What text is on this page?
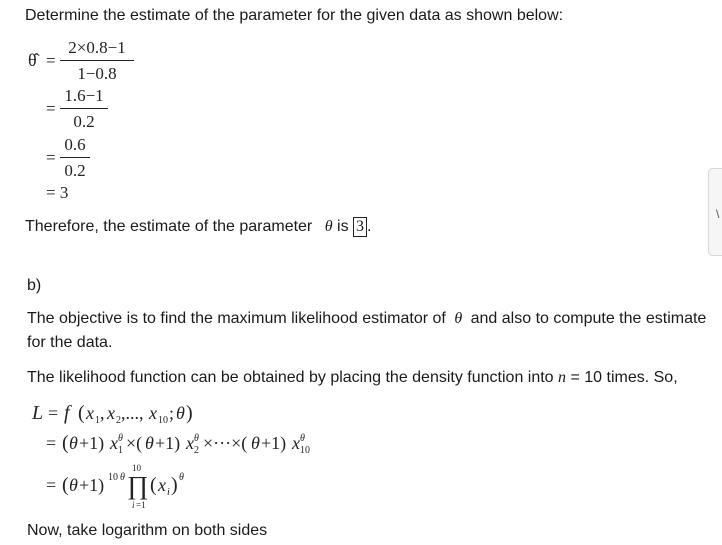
Determine the estimate of the parameter for the given data as shown below:
θ̂ =
2×0.8−1
1−0.8
=
1.6−1
0.2
=
0.6
0.2
= 3
Therefore, the estimate of the parameter θ is 3 .
b)
The objective is to find the maximum likelihood estimator of θ and also to compute the estimate
for the data.
The likelihood function can be obtained by placing the density function into n = 10 times. So,
L = f ( x 1 , x 2 ,..., x 10 ; θ )
= ( θ +1) x θ
1 ×( θ +1) x θ
2 ×···×( θ +1) x θ
10
= ( θ +1) 10 θ
10
∏
i =1
( x i ) θ
Now, take logarithm on both sides
\
